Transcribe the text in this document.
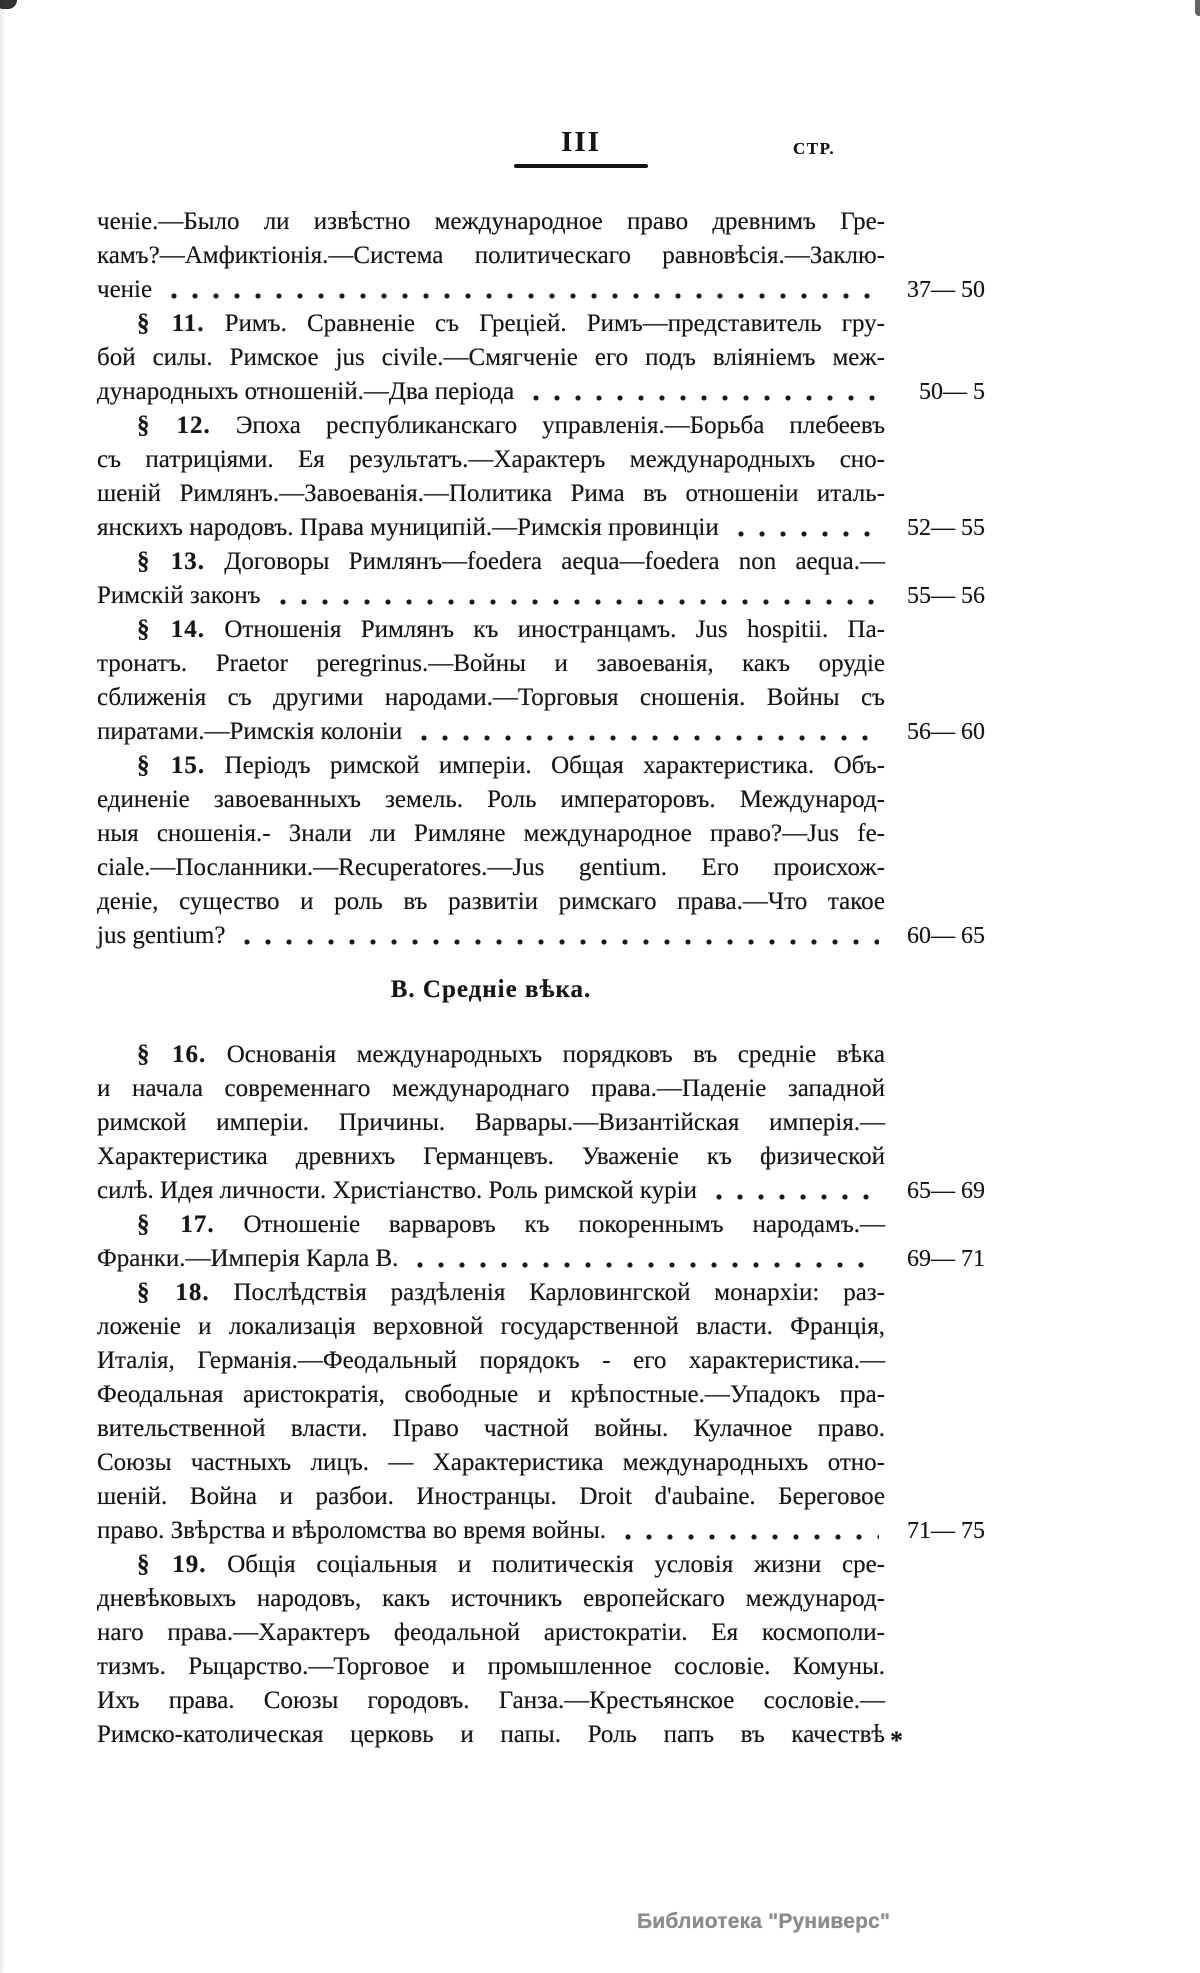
III	СТР.
ченіе.—Было ли извѣстно международное право древнимъ Гре-
камъ?—Амфиктіонія.—Система политическаго равновѣсія.—Заклю-
ченіе	37— 50
§ 11. Римъ. Сравненіе съ Греціей. Римъ—представитель гру-
бой силы. Римское jus civile.—Смягченіе его подъ вліяніемъ меж-
дународныхъ отношеній.—Два періода	50— 5
§ 12. Эпоха республиканскаго управленія.—Борьба плебеевъ
съ патриціями. Ея результатъ.—Характеръ международныхъ сно-
шеній Римлянъ.—Завоеванія.—Политика Рима въ отношеніи италь-
янскихъ народовъ. Права муниципій.—Римскія провинціи	52— 55
§ 13. Договоры Римлянъ—foedera aequa—foedera non aequa.—
Римскій законъ	55— 56
§ 14. Отношенія Римлянъ къ иностранцамъ. Jus hospitii. Па-
тронатъ. Praetor peregrinus.—Войны и завоеванія, какъ орудіе
сближенія съ другими народами.—Торговыя сношенія. Войны съ
пиратами.—Римскія колоніи	56— 60
§ 15. Періодъ римской имперіи. Общая характеристика. Объ-
единеніе завоеванныхъ земель. Роль императоровъ. Международ-
ныя сношенія.- Знали ли Римляне международное право?—Jus fe-
ciale.—Посланники.—Recuperatores.—Jus gentium. Его происхож-
деніе, существо и роль въ развитіи римскаго права.—Что такое
jus gentium?	60— 65
В. Средніе вѣка.
§ 16. Основанія международныхъ порядковъ въ средніе вѣка
и начала современнаго международнаго права.—Паденіе западной
римской имперіи. Причины. Варвары.—Византійская имперія.—
Характеристика древнихъ Германцевъ. Уваженіе къ физической
силѣ. Идея личности. Христіанство. Роль римской куріи	65— 69
§ 17. Отношеніе варваровъ къ покореннымъ народамъ.—
Франки.—Имперія Карла В.	69— 71
§ 18. Послѣдствія раздѣленія Карловингской монархіи: раз-
ложеніе и локализація верховной государственной власти. Франція,
Италія, Германія.—Феодальный порядокъ - его характеристика.—
Феодальная аристократія, свободные и крѣпостные.—Упадокъ пра-
вительственной власти. Право частной войны. Кулачное право.
Союзы частныхъ лицъ. — Характеристика международныхъ отно-
шеній. Война и разбои. Иностранцы. Droit d'aubaine. Береговое
право. Звѣрства и вѣроломства во время войны.	71— 75
§ 19. Общія соціальныя и политическія условія жизни сре-
дневѣковыхъ народовъ, какъ источникъ европейскаго международ-
наго права.—Характеръ феодальной аристократіи. Ея космополи-
тизмъ. Рыцарство.—Торговое и промышленное сословіе. Комуны.
Ихъ права. Союзы городовъ. Ганза.—Крестьянское сословіе.—
Римско-католическая церковь и папы. Роль папъ въ качествѣ *
Библиотека "Руниверс"
